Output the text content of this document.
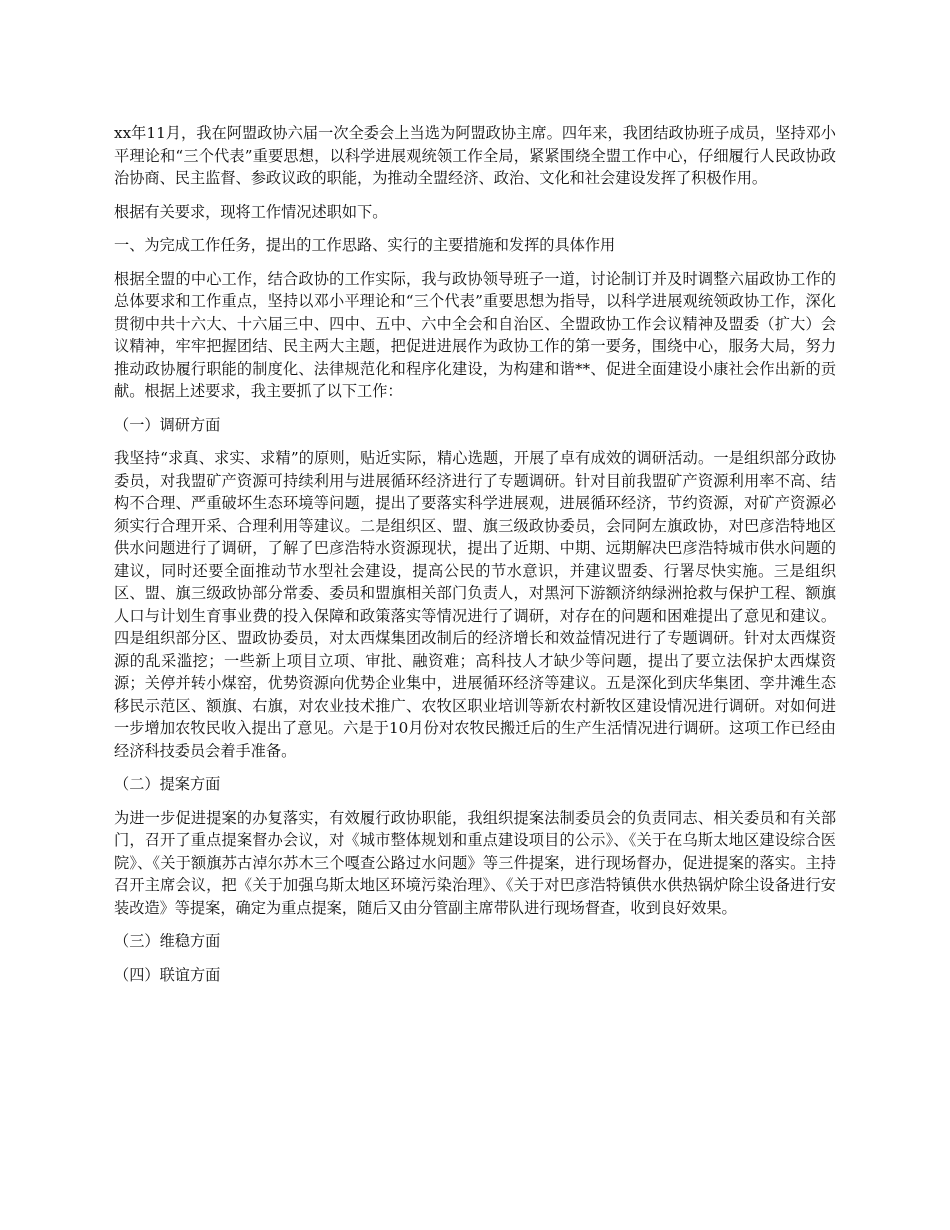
xx年11月，我在阿盟政协六届一次全委会上当选为阿盟政协主席。四年来，我团结政协班子成员，坚持邓小平理论和“三个代表”重要思想，以科学进展观统领工作全局，紧紧围绕全盟工作中心，仔细履行人民政协政治协商、民主监督、参政议政的职能，为推动全盟经济、政治、文化和社会建设发挥了积极作用。

根据有关要求，现将工作情况述职如下。

一、为完成工作任务，提出的工作思路、实行的主要措施和发挥的具体作用

根据全盟的中心工作，结合政协的工作实际，我与政协领导班子一道，讨论制订并及时调整六届政协工作的总体要求和工作重点，坚持以邓小平理论和“三个代表”重要思想为指导，以科学进展观统领政协工作，深化贯彻中共十六大、十六届三中、四中、五中、六中全会和自治区、全盟政协工作会议精神及盟委（扩大）会议精神，牢牢把握团结、民主两大主题，把促进进展作为政协工作的第一要务，围绕中心，服务大局，努力推动政协履行职能的制度化、法律规范化和程序化建设，为构建和谐**、促进全面建设小康社会作出新的贡献。根据上述要求，我主要抓了以下工作：

（一）调研方面

我坚持“求真、求实、求精”的原则，贴近实际，精心选题，开展了卓有成效的调研活动。一是组织部分政协委员，对我盟矿产资源可持续利用与进展循环经济进行了专题调研。针对目前我盟矿产资源利用率不高、结构不合理、严重破坏生态环境等问题，提出了要落实科学进展观，进展循环经济，节约资源，对矿产资源必须实行合理开采、合理利用等建议。二是组织区、盟、旗三级政协委员，会同阿左旗政协，对巴彦浩特地区供水问题进行了调研，了解了巴彦浩特水资源现状，提出了近期、中期、远期解决巴彦浩特城市供水问题的建议，同时还要全面推动节水型社会建设，提高公民的节水意识，并建议盟委、行署尽快实施。三是组织区、盟、旗三级政协部分常委、委员和盟旗相关部门负责人，对黑河下游额济纳绿洲抢救与保护工程、额旗人口与计划生育事业费的投入保障和政策落实等情况进行了调研，对存在的问题和困难提出了意见和建议。四是组织部分区、盟政协委员，对太西煤集团改制后的经济增长和效益情况进行了专题调研。针对太西煤资源的乱采滥挖；一些新上项目立项、审批、融资难；高科技人才缺少等问题，提出了要立法保护太西煤资源；关停并转小煤窑，优势资源向优势企业集中，进展循环经济等建议。五是深化到庆华集团、孪井滩生态移民示范区、额旗、右旗，对农业技术推广、农牧区职业培训等新农村新牧区建设情况进行调研。对如何进一步增加农牧民收入提出了意见。六是于10月份对农牧民搬迁后的生产生活情况进行调研。这项工作已经由经济科技委员会着手准备。

（二）提案方面

为进一步促进提案的办复落实，有效履行政协职能，我组织提案法制委员会的负责同志、相关委员和有关部门，召开了重点提案督办会议，对《城市整体规划和重点建设项目的公示》、《关于在乌斯太地区建设综合医院》、《关于额旗苏古淖尔苏木三个嘎查公路过水问题》等三件提案，进行现场督办，促进提案的落实。主持召开主席会议，把《关于加强乌斯太地区环境污染治理》、《关于对巴彦浩特镇供水供热锅炉除尘设备进行安装改造》等提案，确定为重点提案，随后又由分管副主席带队进行现场督查，收到良好效果。

（三）维稳方面

（四）联谊方面
